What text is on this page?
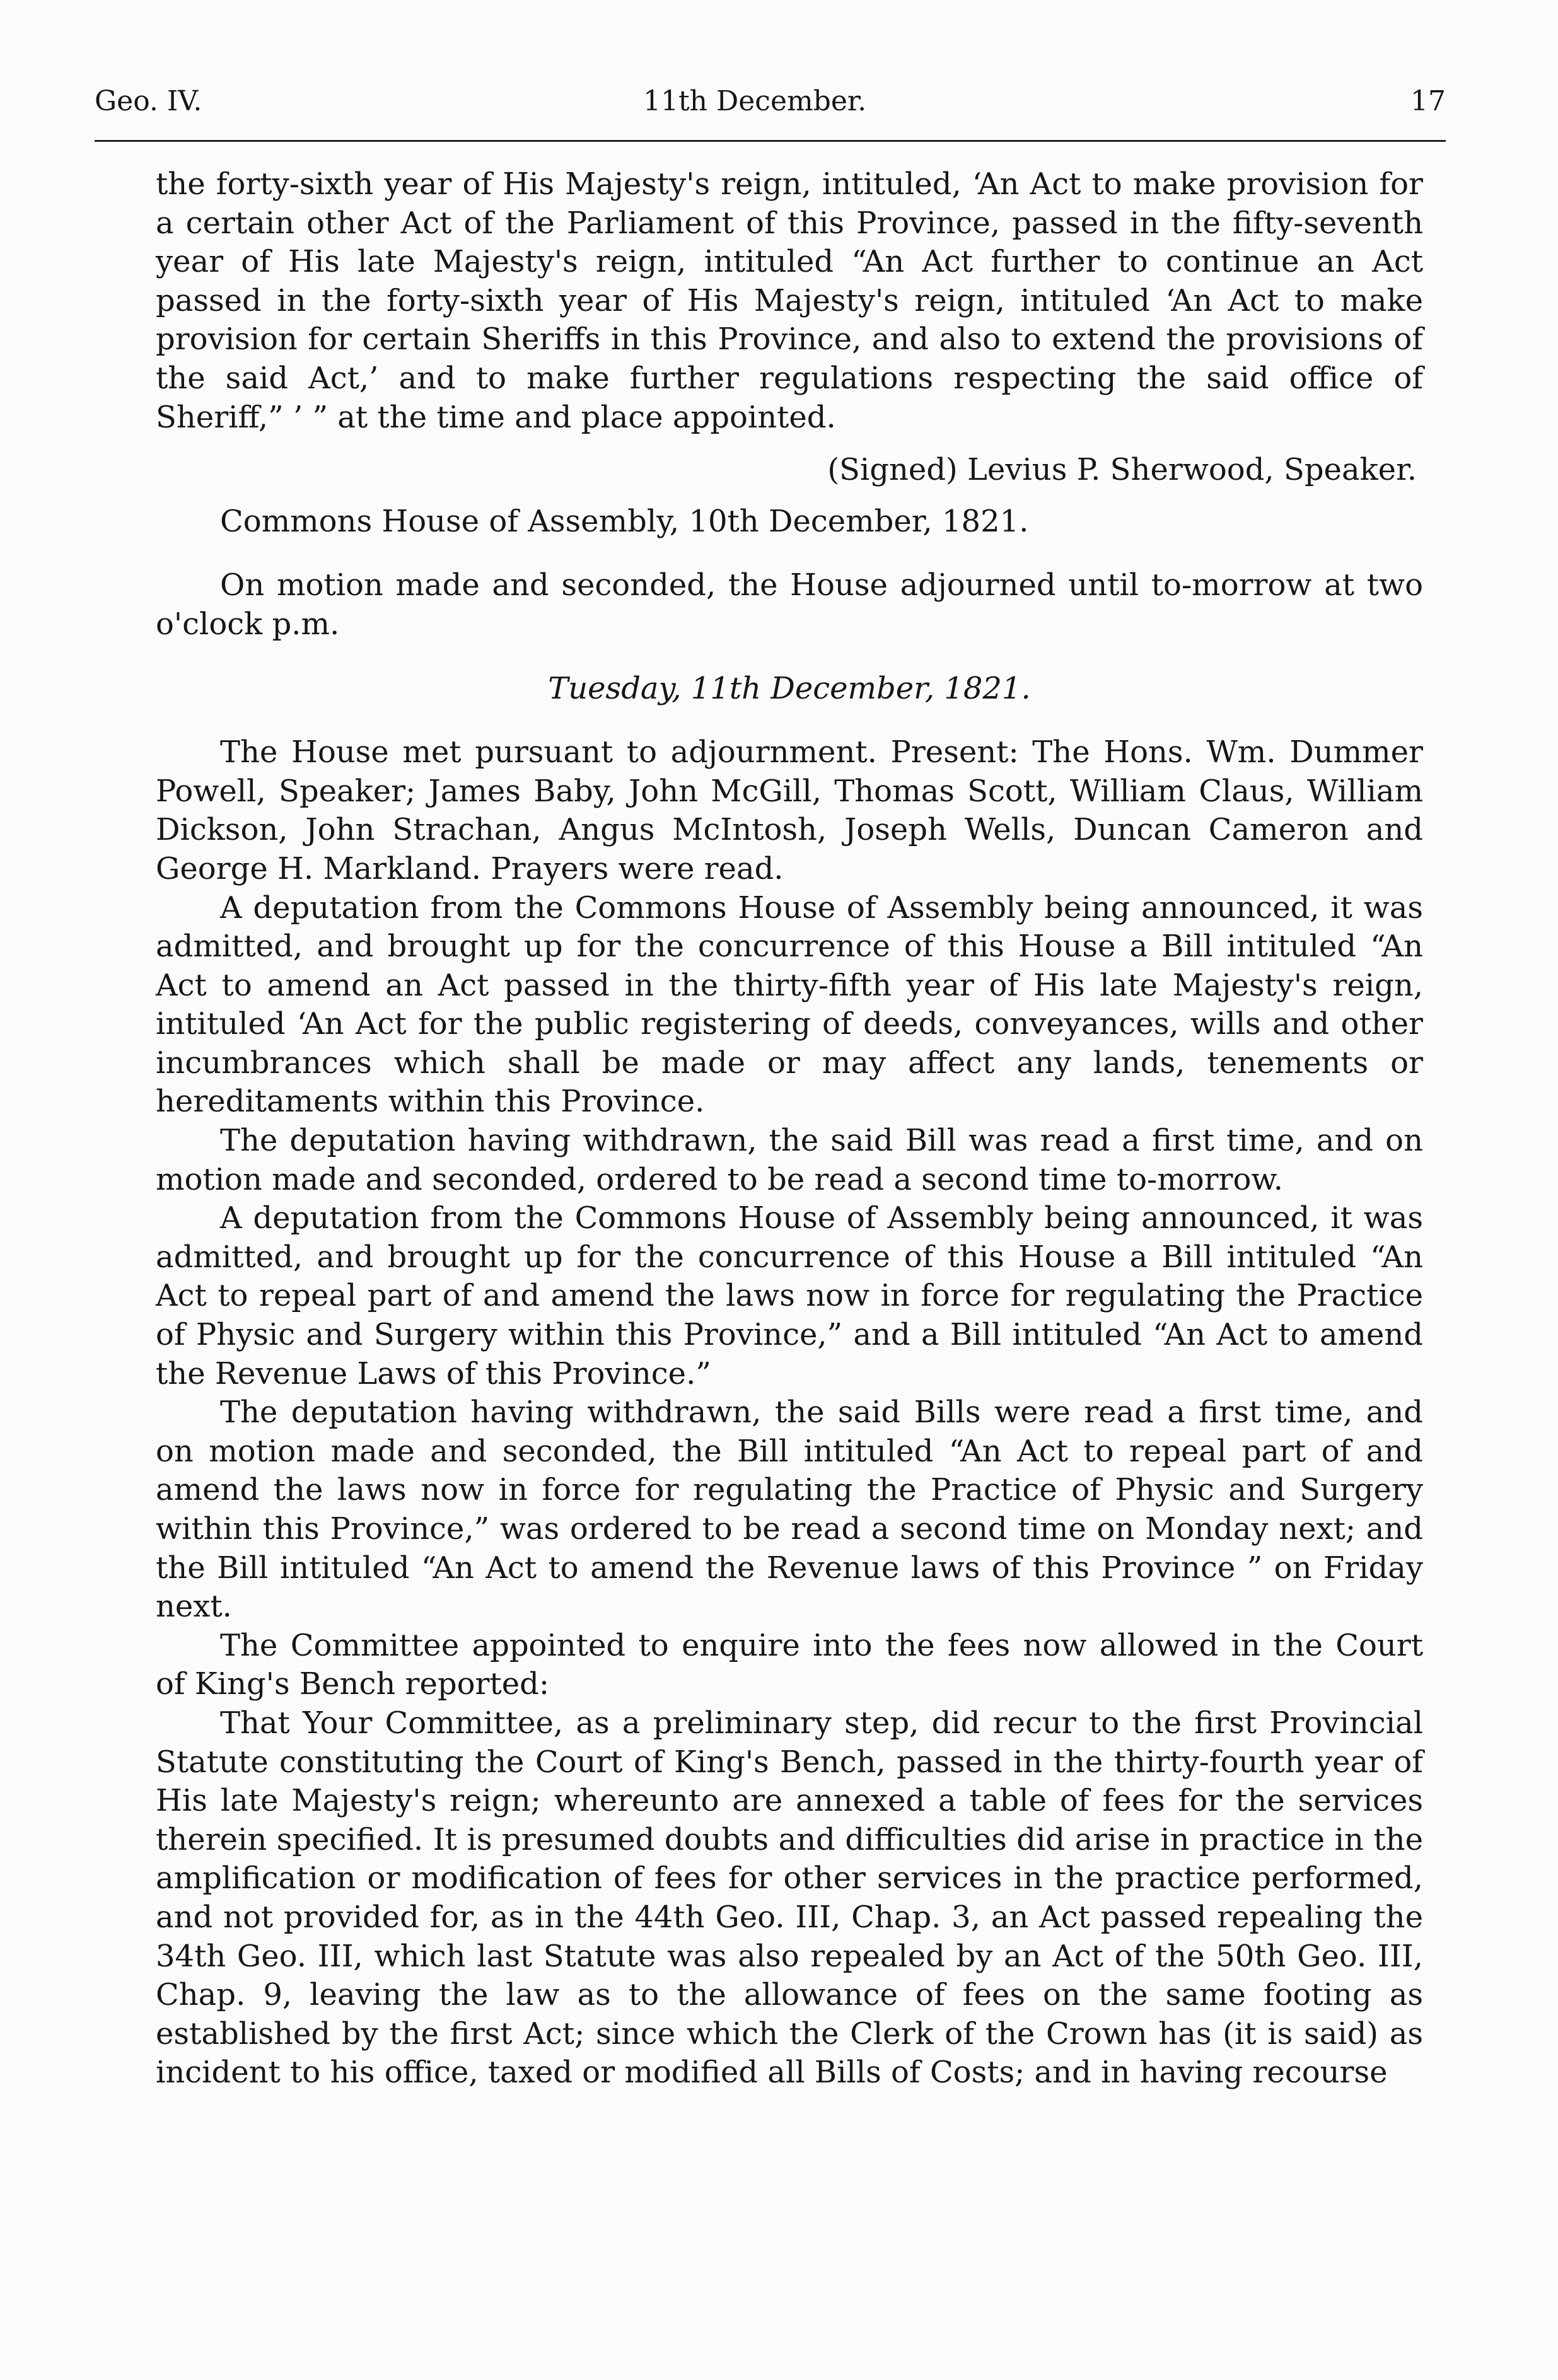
Geo. IV.	11th December.	17

the forty-sixth year of His Majesty's reign, intituled, ‘An Act to make provision for a certain other Act of the Parliament of this Province, passed in the fifty-seventh year of His late Majesty's reign, intituled “An Act further to continue an Act passed in the forty-sixth year of His Majesty's reign, intituled ‘An Act to make provision for certain Sheriffs in this Province, and also to extend the provisions of the said Act,’ and to make further regulations respecting the said office of Sheriff,” ’ ” at the time and place appointed.

(Signed) Levius P. Sherwood, Speaker.

Commons House of Assembly, 10th December, 1821.

On motion made and seconded, the House adjourned until to-morrow at two o'clock p.m.

Tuesday, 11th December, 1821.

The House met pursuant to adjournment. Present: The Hons. Wm. Dummer Powell, Speaker; James Baby, John McGill, Thomas Scott, William Claus, William Dickson, John Strachan, Angus McIntosh, Joseph Wells, Duncan Cameron and George H. Markland. Prayers were read.

A deputation from the Commons House of Assembly being announced, it was admitted, and brought up for the concurrence of this House a Bill intituled “An Act to amend an Act passed in the thirty-fifth year of His late Majesty's reign, intituled ‘An Act for the public registering of deeds, conveyances, wills and other incumbrances which shall be made or may affect any lands, tenements or hereditaments within this Province.

The deputation having withdrawn, the said Bill was read a first time, and on motion made and seconded, ordered to be read a second time to-morrow.

A deputation from the Commons House of Assembly being announced, it was admitted, and brought up for the concurrence of this House a Bill intituled “An Act to repeal part of and amend the laws now in force for regulating the Practice of Physic and Surgery within this Province,” and a Bill intituled “An Act to amend the Revenue Laws of this Province.”

The deputation having withdrawn, the said Bills were read a first time, and on motion made and seconded, the Bill intituled “An Act to repeal part of and amend the laws now in force for regulating the Practice of Physic and Surgery within this Province,” was ordered to be read a second time on Monday next; and the Bill intituled “An Act to amend the Revenue laws of this Province ” on Friday next.

The Committee appointed to enquire into the fees now allowed in the Court of King's Bench reported:

That Your Committee, as a preliminary step, did recur to the first Provincial Statute constituting the Court of King's Bench, passed in the thirty-fourth year of His late Majesty's reign; whereunto are annexed a table of fees for the services therein specified. It is presumed doubts and difficulties did arise in practice in the amplification or modification of fees for other services in the practice performed, and not provided for, as in the 44th Geo. III, Chap. 3, an Act passed repealing the 34th Geo. III, which last Statute was also repealed by an Act of the 50th Geo. III, Chap. 9, leaving the law as to the allowance of fees on the same footing as established by the first Act; since which the Clerk of the Crown has (it is said) as incident to his office, taxed or modified all Bills of Costs; and in having recourse
